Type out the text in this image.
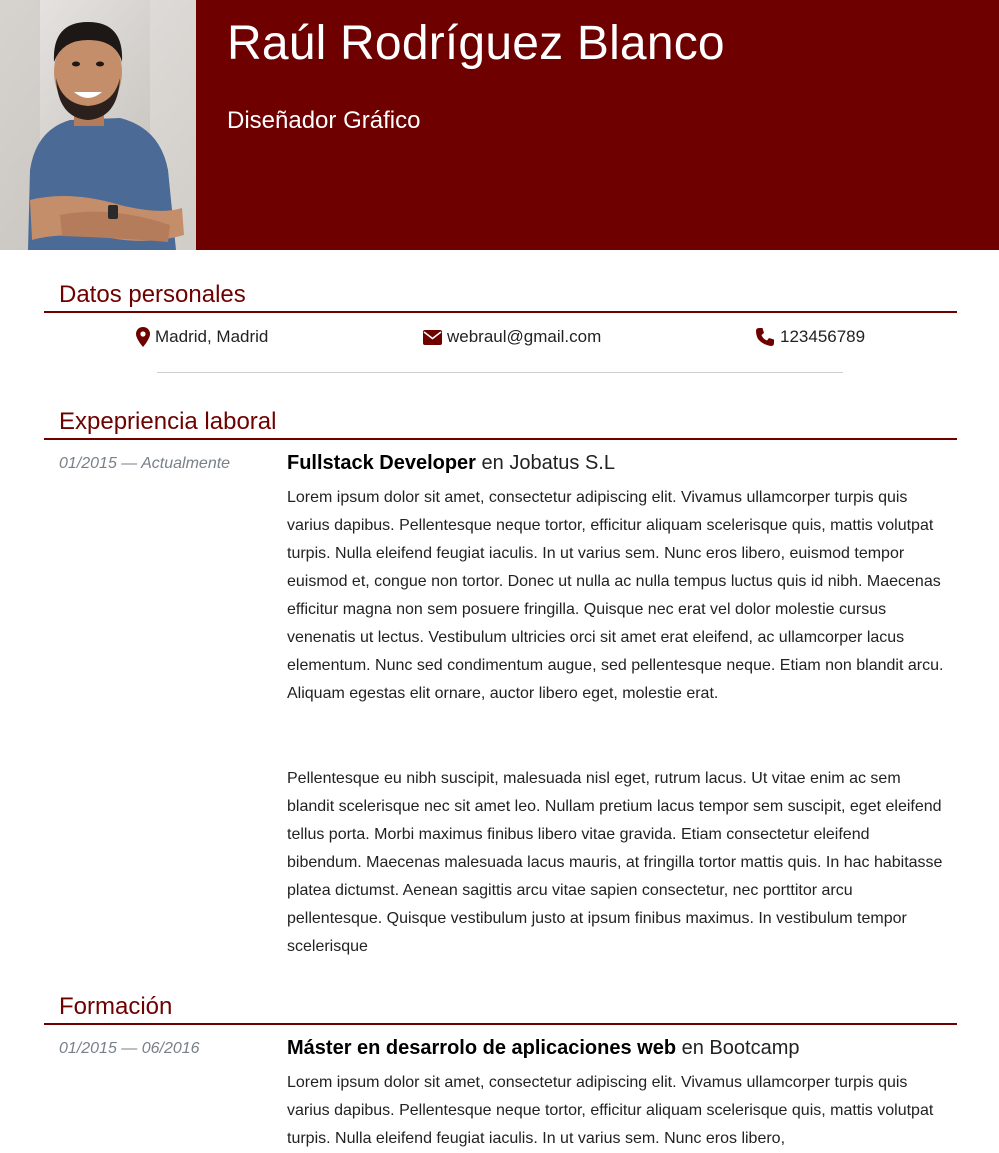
Raúl Rodríguez Blanco
Diseñador Gráfico
Datos personales
Madrid, Madrid	webraul@gmail.com	123456789
Expepriencia laboral
01/2015 — Actualmente	Fullstack Developer en Jobatus S.L

Lorem ipsum dolor sit amet, consectetur adipiscing elit. Vivamus ullamcorper turpis quis varius dapibus. Pellentesque neque tortor, efficitur aliquam scelerisque quis, mattis volutpat turpis. Nulla eleifend feugiat iaculis. In ut varius sem. Nunc eros libero, euismod tempor euismod et, congue non tortor. Donec ut nulla ac nulla tempus luctus quis id nibh. Maecenas efficitur magna non sem posuere fringilla. Quisque nec erat vel dolor molestie cursus venenatis ut lectus. Vestibulum ultricies orci sit amet erat eleifend, ac ullamcorper lacus elementum. Nunc sed condimentum augue, sed pellentesque neque. Etiam non blandit arcu. Aliquam egestas elit ornare, auctor libero eget, molestie erat.

Pellentesque eu nibh suscipit, malesuada nisl eget, rutrum lacus. Ut vitae enim ac sem blandit scelerisque nec sit amet leo. Nullam pretium lacus tempor sem suscipit, eget eleifend tellus porta. Morbi maximus finibus libero vitae gravida. Etiam consectetur eleifend bibendum. Maecenas malesuada lacus mauris, at fringilla tortor mattis quis. In hac habitasse platea dictumst. Aenean sagittis arcu vitae sapien consectetur, nec porttitor arcu pellentesque. Quisque vestibulum justo at ipsum finibus maximus. In vestibulum tempor scelerisque

Formación
01/2015 — 06/2016	Máster en desarrolo de aplicaciones web en Bootcamp

Lorem ipsum dolor sit amet, consectetur adipiscing elit. Vivamus ullamcorper turpis quis varius dapibus. Pellentesque neque tortor, efficitur aliquam scelerisque quis, mattis volutpat turpis. Nulla eleifend feugiat iaculis. In ut varius sem. Nunc eros libero,
